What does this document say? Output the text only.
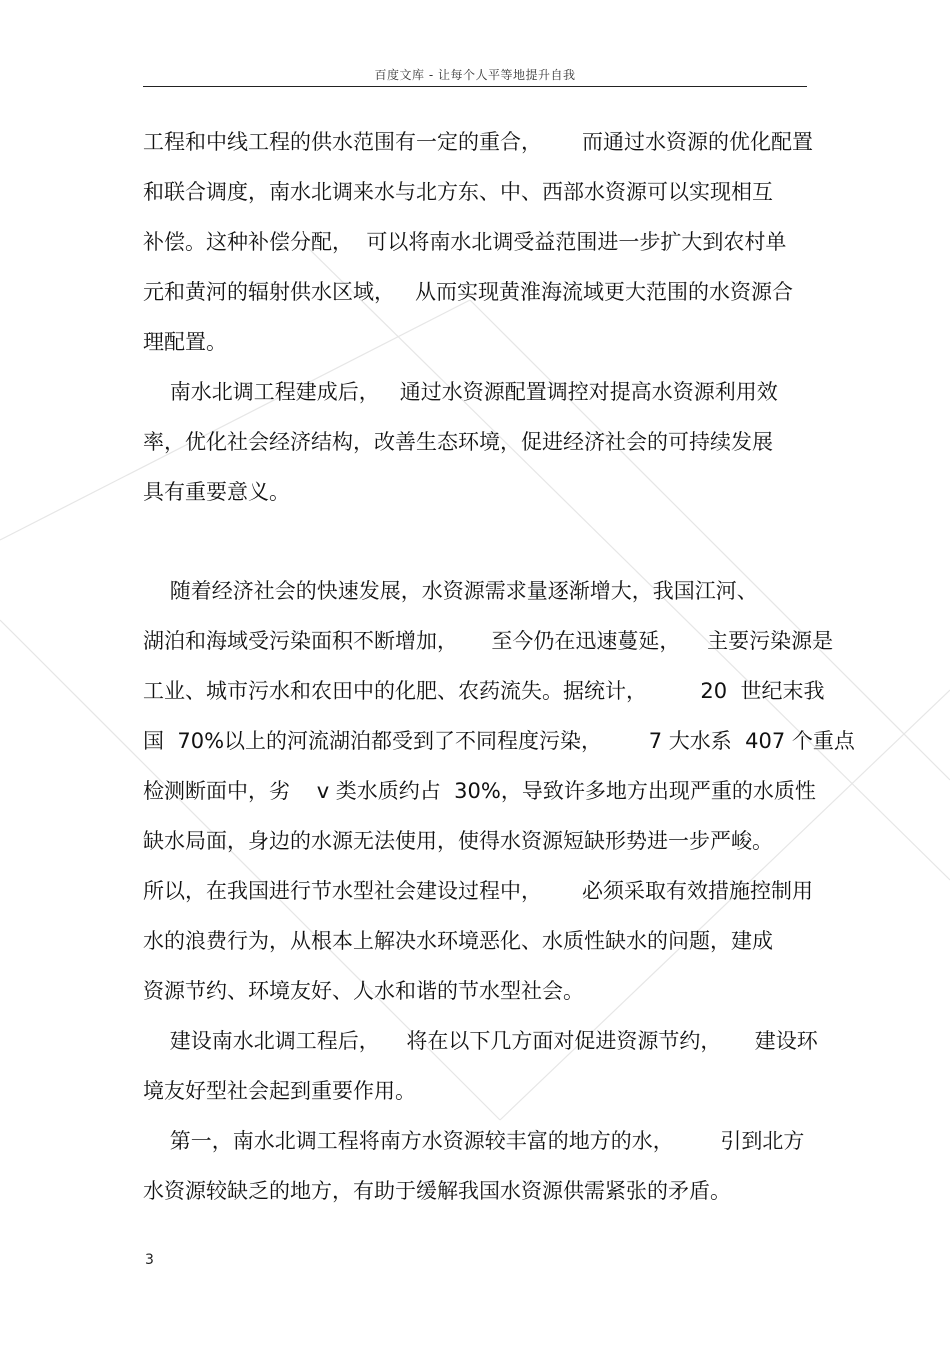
百度文库 - 让每个人平等地提升自我
工程和中线工程的供水范围有一定的重合，      而通过水资源的优化配置
和联合调度，南水北调来水与北方东、中、西部水资源可以实现相互
补偿。这种补偿分配，  可以将南水北调受益范围进一步扩大到农村单
元和黄河的辐射供水区域，   从而实现黄淮海流域更大范围的水资源合
理配置。
南水北调工程建成后，   通过水资源配置调控对提高水资源利用效
率，优化社会经济结构，改善生态环境，促进经济社会的可持续发展
具有重要意义。
随着经济社会的快速发展，水资源需求量逐渐增大，我国江河、
湖泊和海域受污染面积不断增加，     至今仍在迅速蔓延，    主要污染源是
工业、城市污水和农田中的化肥、农药流失。据统计，        20  世纪末我
国  70%以上的河流湖泊都受到了不同程度污染，       7 大水系  407 个重点
检测断面中，劣    v 类水质约占  30%，导致许多地方出现严重的水质性
缺水局面，身边的水源无法使用，使得水资源短缺形势进一步严峻。
所以，在我国进行节水型社会建设过程中，      必须采取有效措施控制用
水的浪费行为，从根本上解决水环境恶化、水质性缺水的问题，建成
资源节约、环境友好、人水和谐的节水型社会。
建设南水北调工程后，    将在以下几方面对促进资源节约，     建设环
境友好型社会起到重要作用。
第一，南水北调工程将南方水资源较丰富的地方的水，       引到北方
水资源较缺乏的地方，有助于缓解我国水资源供需紧张的矛盾。
3
